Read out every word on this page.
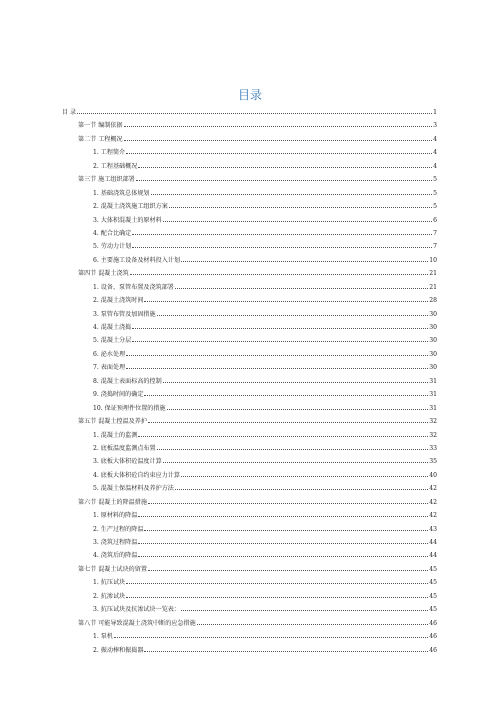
目录
目 录	1
第一节 编制依据	3
第二节 工程概况	4
1. 工程简介	4
2. 工程基础概况	4
第三节 施工组织部署	5
1. 基础浇筑总体规划	5
2. 混凝土浇筑施工组织方案	5
3. 大体积混凝土的原材料	6
4. 配合比确定	7
5. 劳动力计划	7
6. 主要施工设备及材料投入计划	10
第四节 混凝土浇筑	21
1. 设备、泵管布置及浇筑部署	21
2. 混凝土浇筑时间	28
3. 泵管布管及加固措施	30
4. 混凝土浇捣	30
5. 混凝土分层	30
6. 泌水处理	30
7. 表面处理	30
8. 混凝土表面标高的控制	31
9. 浇捣时间的确定	31
10. 保证预埋件位置的措施	31
第五节 混凝土控温及养护	32
1. 混凝土的监测	32
2. 底板温度监测点布置	33
3. 底板大体积砼温度计算	35
4. 底板大体积砼自约束应力计算	40
5. 混凝土保温材料及养护方法	42
第六节 混凝土的降温措施	42
1. 原材料的降温	42
2. 生产过程的降温	43
3. 浇筑过程降温	44
4. 浇筑后的降温	44
第七节 混凝土试块的留置	45
1. 抗压试块	45
2. 抗渗试块	45
3. 抗压试块及抗渗试块一览表：	45
第八节 可能导致混凝土浇筑中断的应急措施	46
1. 泵机	46
2. 振动棒和振捣器	46
